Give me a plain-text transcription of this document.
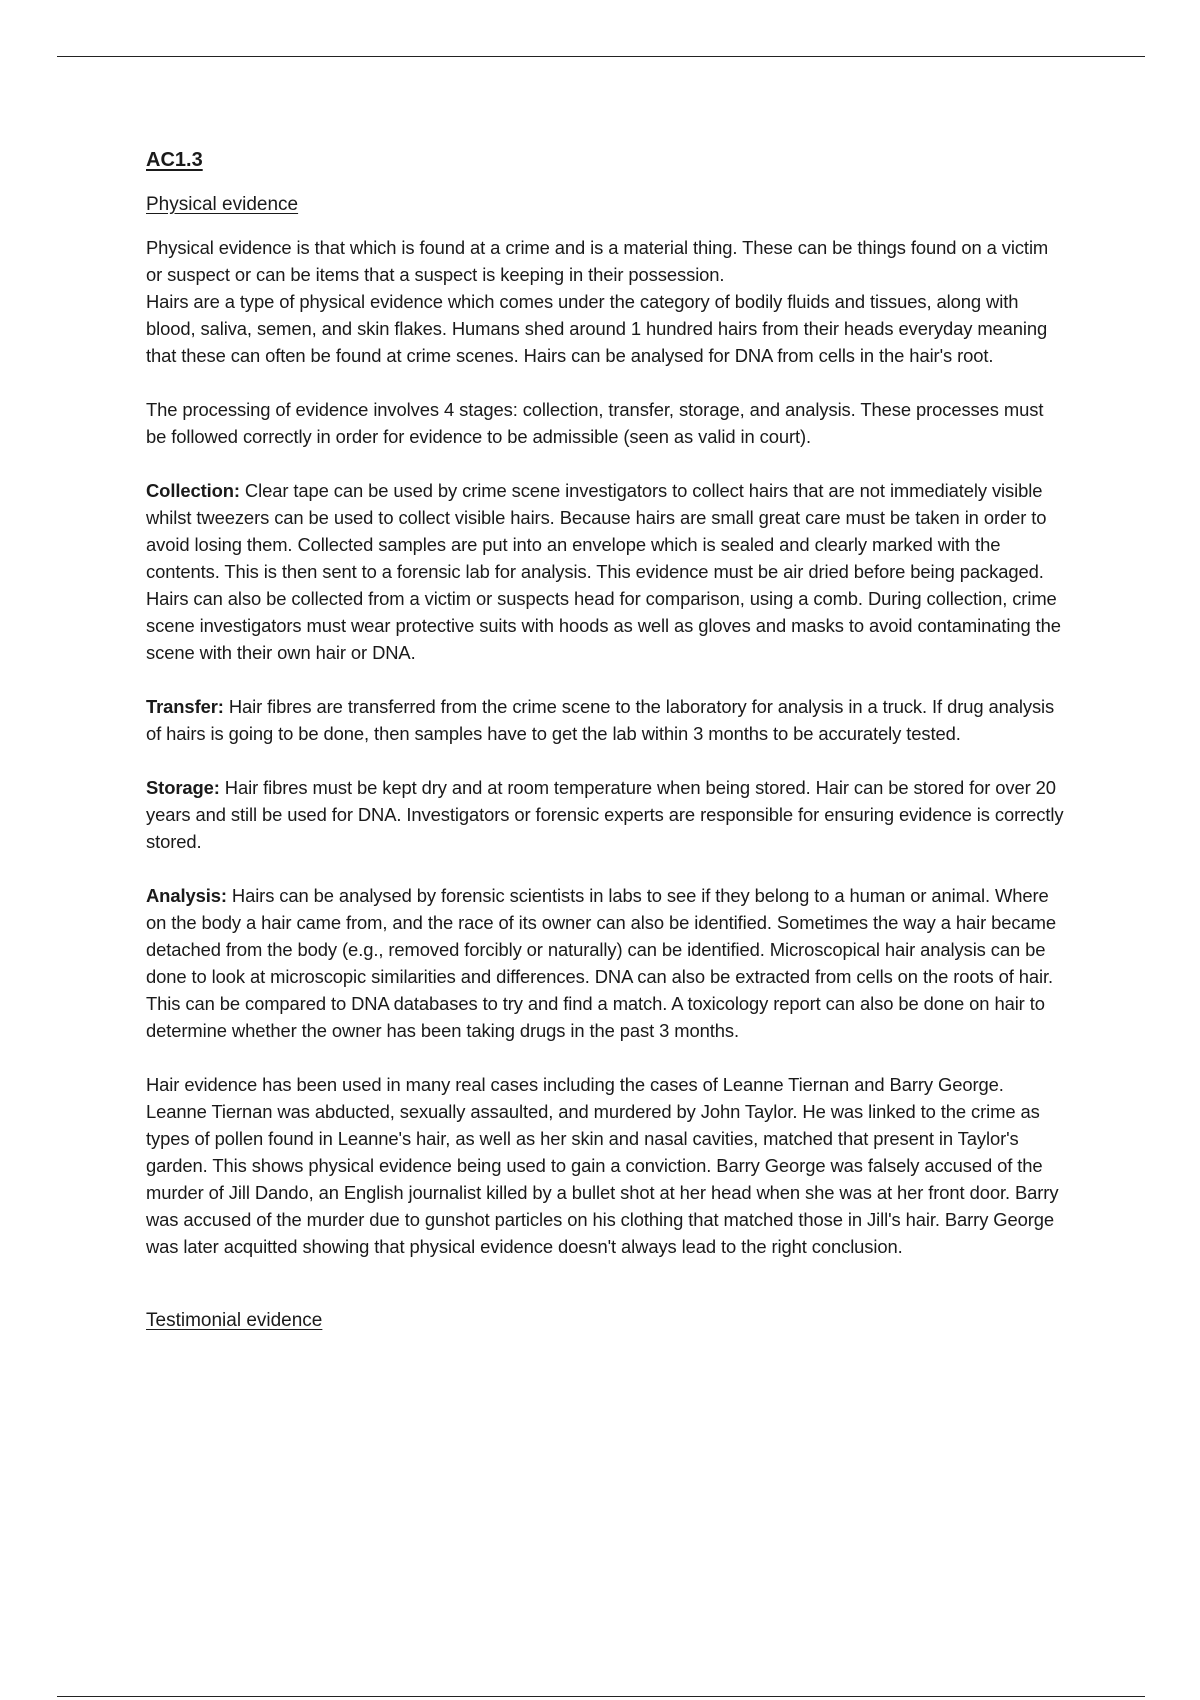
AC1.3
Physical evidence

Physical evidence is that which is found at a crime and is a material thing. These can be things found on a victim or suspect or can be items that a suspect is keeping in their possession.

Hairs are a type of physical evidence which comes under the category of bodily fluids and tissues, along with blood, saliva, semen, and skin flakes. Humans shed around 1 hundred hairs from their heads everyday meaning that these can often be found at crime scenes. Hairs can be analysed for DNA from cells in the hair's root.

The processing of evidence involves 4 stages: collection, transfer, storage, and analysis. These processes must be followed correctly in order for evidence to be admissible (seen as valid in court).

Collection: Clear tape can be used by crime scene investigators to collect hairs that are not immediately visible whilst tweezers can be used to collect visible hairs. Because hairs are small great care must be taken in order to avoid losing them. Collected samples are put into an envelope which is sealed and clearly marked with the contents. This is then sent to a forensic lab for analysis. This evidence must be air dried before being packaged. Hairs can also be collected from a victim or suspects head for comparison, using a comb. During collection, crime scene investigators must wear protective suits with hoods as well as gloves and masks to avoid contaminating the scene with their own hair or DNA.

Transfer: Hair fibres are transferred from the crime scene to the laboratory for analysis in a truck. If drug analysis of hairs is going to be done, then samples have to get the lab within 3 months to be accurately tested.

Storage: Hair fibres must be kept dry and at room temperature when being stored. Hair can be stored for over 20 years and still be used for DNA. Investigators or forensic experts are responsible for ensuring evidence is correctly stored.

Analysis: Hairs can be analysed by forensic scientists in labs to see if they belong to a human or animal. Where on the body a hair came from, and the race of its owner can also be identified. Sometimes the way a hair became detached from the body (e.g., removed forcibly or naturally) can be identified. Microscopical hair analysis can be done to look at microscopic similarities and differences. DNA can also be extracted from cells on the roots of hair. This can be compared to DNA databases to try and find a match. A toxicology report can also be done on hair to determine whether the owner has been taking drugs in the past 3 months.

Hair evidence has been used in many real cases including the cases of Leanne Tiernan and Barry George. Leanne Tiernan was abducted, sexually assaulted, and murdered by John Taylor. He was linked to the crime as types of pollen found in Leanne's hair, as well as her skin and nasal cavities, matched that present in Taylor's garden. This shows physical evidence being used to gain a conviction. Barry George was falsely accused of the murder of Jill Dando, an English journalist killed by a bullet shot at her head when she was at her front door. Barry was accused of the murder due to gunshot particles on his clothing that matched those in Jill's hair. Barry George was later acquitted showing that physical evidence doesn't always lead to the right conclusion.

Testimonial evidence
